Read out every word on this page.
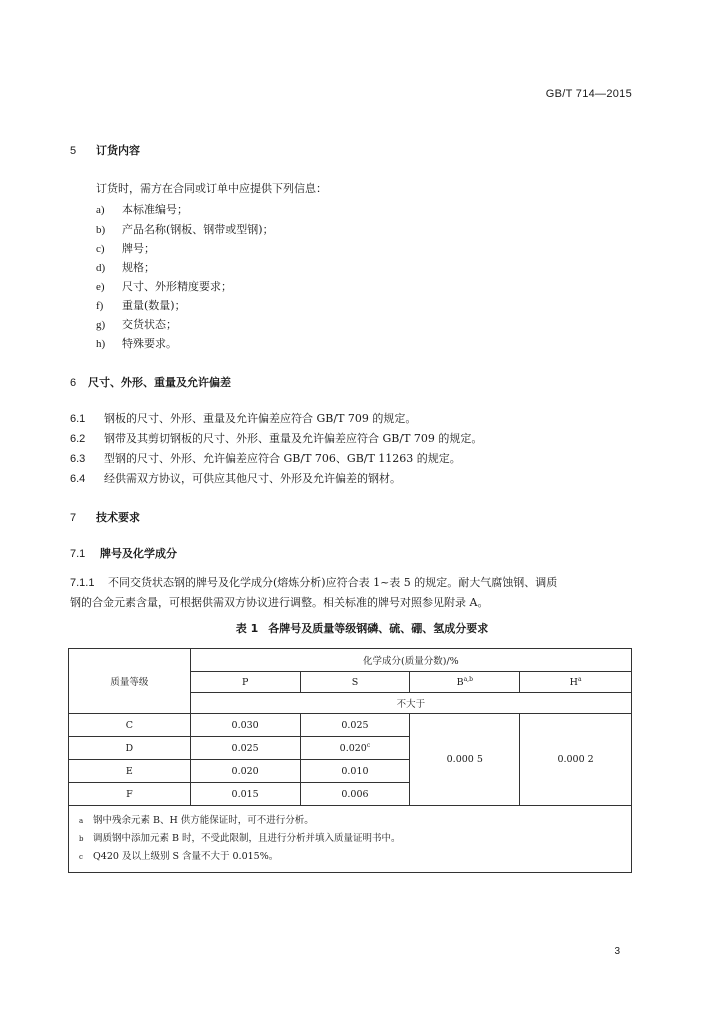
GB/T 714—2015
5 订货内容
订货时，需方在合同或订单中应提供下列信息：
a) 本标准编号；
b) 产品名称(钢板、钢带或型钢)；
c) 牌号；
d) 规格；
e) 尺寸、外形精度要求；
f) 重量(数量)；
g) 交货状态；
h) 特殊要求。
6 尺寸、外形、重量及允许偏差
6.1 钢板的尺寸、外形、重量及允许偏差应符合 GB/T 709 的规定。
6.2 钢带及其剪切钢板的尺寸、外形、重量及允许偏差应符合 GB/T 709 的规定。
6.3 型钢的尺寸、外形、允许偏差应符合 GB/T 706、GB/T 11263 的规定。
6.4 经供需双方协议，可供应其他尺寸、外形及允许偏差的钢材。
7 技术要求
7.1 牌号及化学成分
7.1.1 不同交货状态钢的牌号及化学成分(熔炼分析)应符合表 1~表 5 的规定。耐大气腐蚀钢、调质
钢的合金元素含量，可根据供需双方协议进行调整。相关标准的牌号对照参见附录 A。
表 1 各牌号及质量等级钢磷、硫、硼、氢成分要求
质量等级	化学成分(质量分数)/%			
	P	S	B$^{a,b}$	$H^a$
	不大于			
C	0.030	0.025	0.000 5	0.000 2
D	0.025	0.020$^c$
E	0.020	0.010		
F	0.015	0.006		

a 钢中残余元素 B、H 供方能保证时，可不进行分析。
b 调质钢中添加元素 B 时，不受此限制，且进行分析并填入质量证明书中。
c Q420 及以上级别 S 含量不大于 0.015%。				
3
